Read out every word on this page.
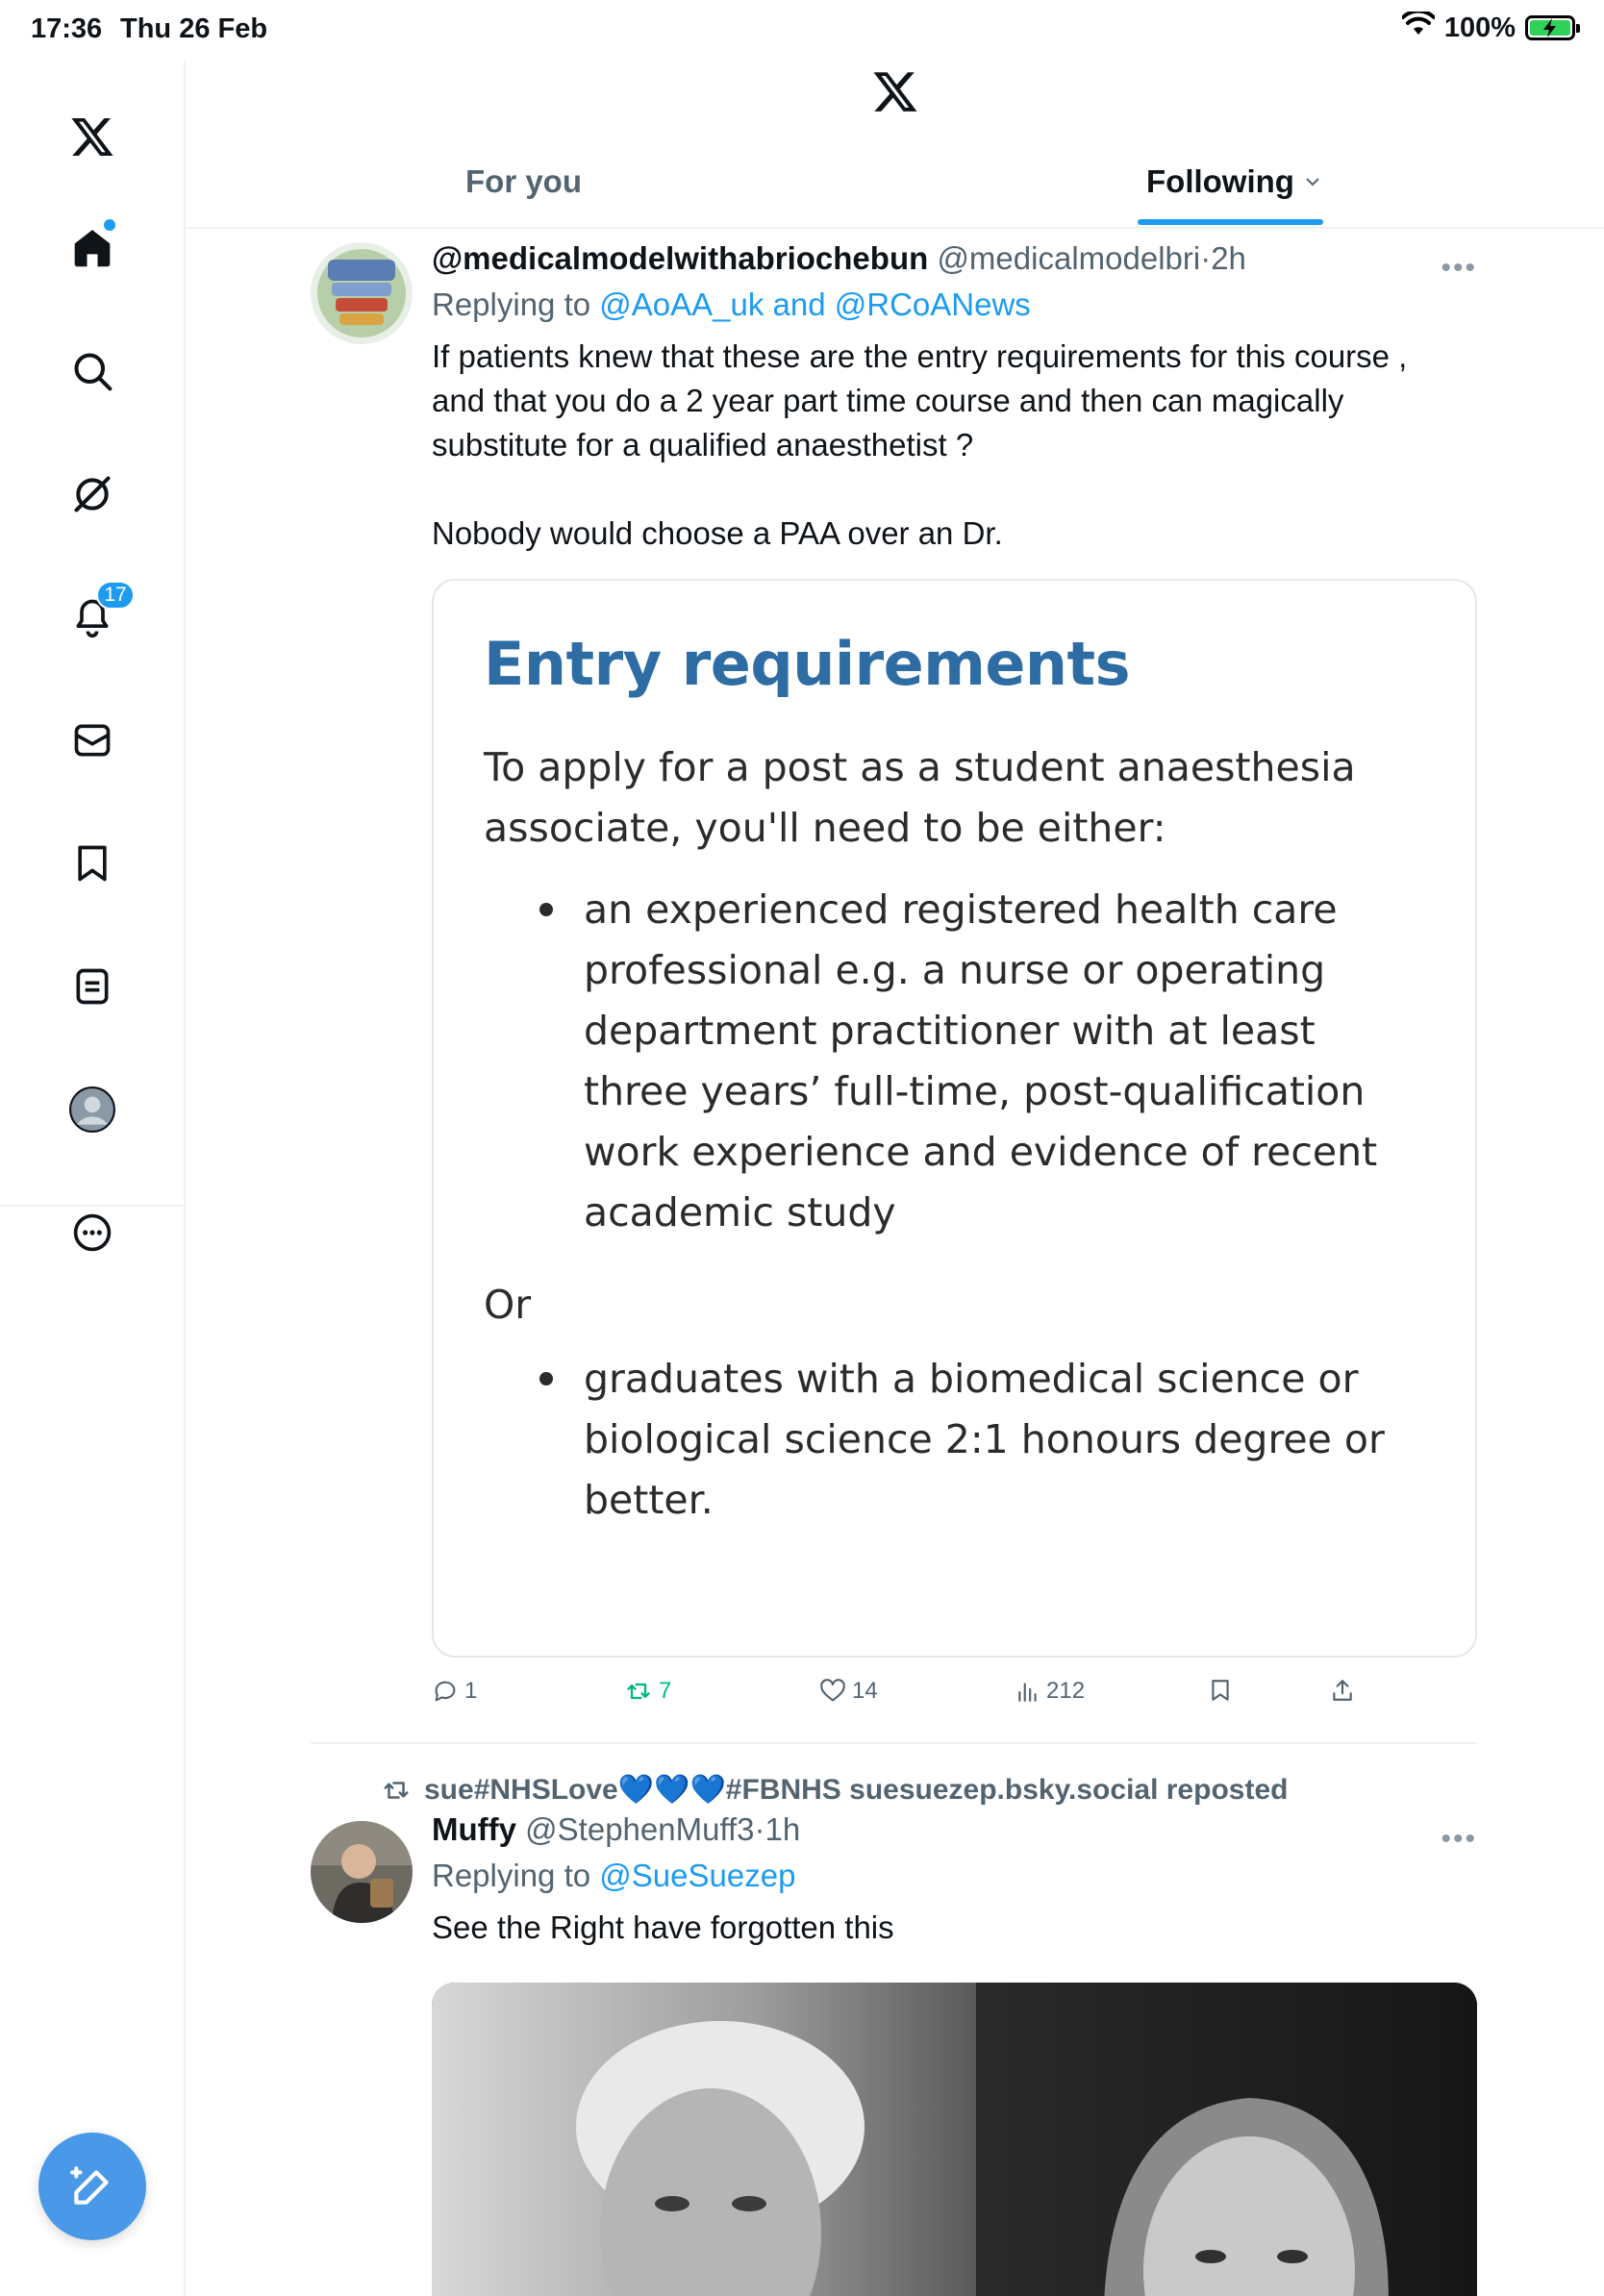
17:36 Thu 26 Feb	100%
17
For you	Following
@medicalmodelwithabriochebun @medicalmodelbri·2h	•••
Replying to @AoAA_uk and @RCoANews

If patients knew that these are the entry requirements for this course ,

and that you do a 2 year part time course and then can magically

substitute for a qualified anaesthetist ?

Nobody would choose a PAA over an Dr.

Entry requirements
To apply for a post as a student anaesthesia associate, you'll need to be either:
an experienced registered health care professional e.g. a nurse or operating department practitioner with at least three years’ full-time, post-qualification work experience and evidence of recent academic study
Or
graduates with a biomedical science or biological science 2:1 honours degree or better.
1	7	14	212
sue#NHSLove💙💙💙#FBNHS suesuezep.bsky.social reposted
Muffy @StephenMuff3·1h	•••
Replying to @SueSuezep
See the Right have forgotten this
